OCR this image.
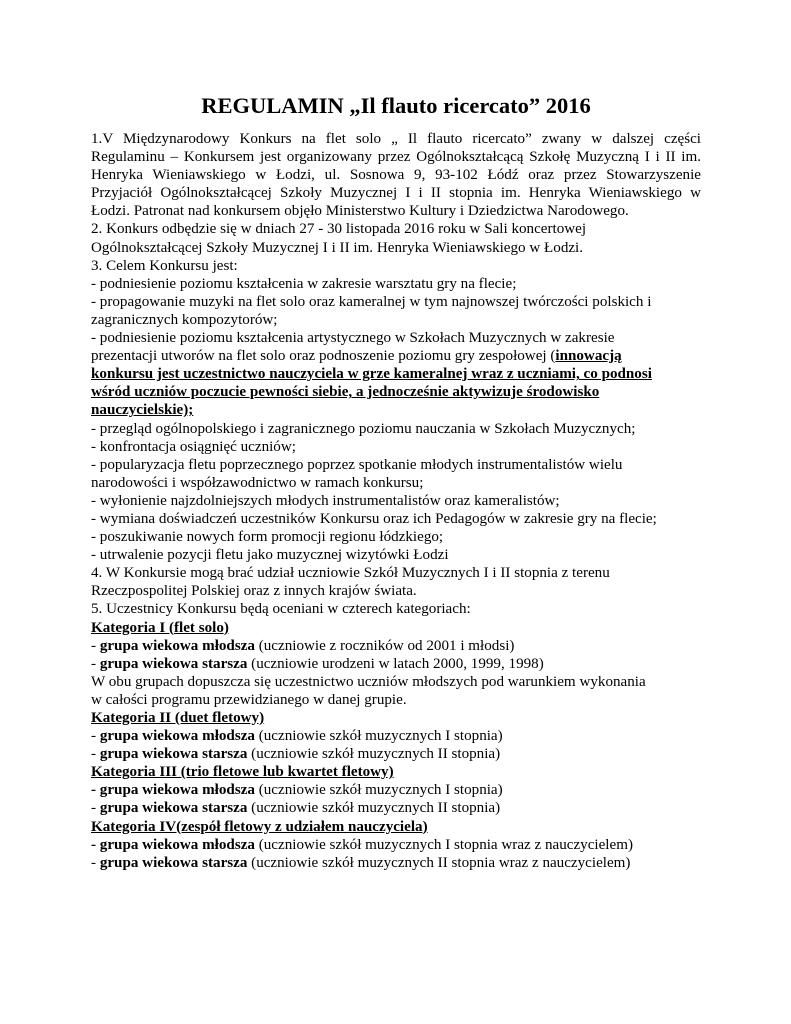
REGULAMIN „Il flauto ricercato” 2016
1.V Międzynarodowy Konkurs na flet solo „ Il flauto ricercato” zwany w dalszej części
Regulaminu – Konkursem jest organizowany przez Ogólnokształcącą Szkołę Muzyczną I i II im.
Henryka Wieniawskiego w Łodzi, ul. Sosnowa 9, 93-102 Łódź oraz przez Stowarzyszenie
Przyjaciół Ogólnokształcącej Szkoły Muzycznej I i II stopnia im. Henryka Wieniawskiego w
Łodzi. Patronat nad konkursem objęło Ministerstwo Kultury i Dziedzictwa Narodowego.
2. Konkurs odbędzie się w dniach 27 - 30 listopada 2016 roku w Sali koncertowej
Ogólnokształcącej Szkoły Muzycznej I i II im. Henryka Wieniawskiego w Łodzi.
3. Celem Konkursu jest:
- podniesienie poziomu kształcenia w zakresie warsztatu gry na flecie;
- propagowanie muzyki na flet solo oraz kameralnej w tym najnowszej twórczości polskich i
zagranicznych kompozytorów;
- podniesienie poziomu kształcenia artystycznego w Szkołach Muzycznych w zakresie
prezentacji utworów na flet solo oraz podnoszenie poziomu gry zespołowej (innowacją
konkursu jest uczestnictwo nauczyciela w grze kameralnej wraz z uczniami, co podnosi
wśród uczniów poczucie pewności siebie, a jednocześnie aktywizuje środowisko
nauczycielskie);
- przegląd ogólnopolskiego i zagranicznego poziomu nauczania w Szkołach Muzycznych;
- konfrontacja osiągnięć uczniów;
- popularyzacja fletu poprzecznego poprzez spotkanie młodych instrumentalistów wielu
narodowości i współzawodnictwo w ramach konkursu;
- wyłonienie najzdolniejszych młodych instrumentalistów oraz kameralistów;
- wymiana doświadczeń uczestników Konkursu oraz ich Pedagogów w zakresie gry na flecie;
- poszukiwanie nowych form promocji regionu łódzkiego;
- utrwalenie pozycji fletu jako muzycznej wizytówki Łodzi
4. W Konkursie mogą brać udział uczniowie Szkół Muzycznych I i II stopnia z terenu
Rzeczpospolitej Polskiej oraz z innych krajów świata.
5. Uczestnicy Konkursu będą oceniani w czterech kategoriach:
Kategoria I (flet solo)
- grupa wiekowa młodsza (uczniowie z roczników od 2001 i młodsi)
- grupa wiekowa starsza (uczniowie urodzeni w latach 2000, 1999, 1998)
W obu grupach dopuszcza się uczestnictwo uczniów młodszych pod warunkiem wykonania
w całości programu przewidzianego w danej grupie.
Kategoria II (duet fletowy)
- grupa wiekowa młodsza (uczniowie szkół muzycznych I stopnia)
- grupa wiekowa starsza (uczniowie szkół muzycznych II stopnia)
Kategoria III (trio fletowe lub kwartet fletowy)
- grupa wiekowa młodsza (uczniowie szkół muzycznych I stopnia)
- grupa wiekowa starsza (uczniowie szkół muzycznych II stopnia)
Kategoria IV(zespół fletowy z udziałem nauczyciela)
- grupa wiekowa młodsza (uczniowie szkół muzycznych I stopnia wraz z nauczycielem)
- grupa wiekowa starsza (uczniowie szkół muzycznych II stopnia wraz z nauczycielem)
